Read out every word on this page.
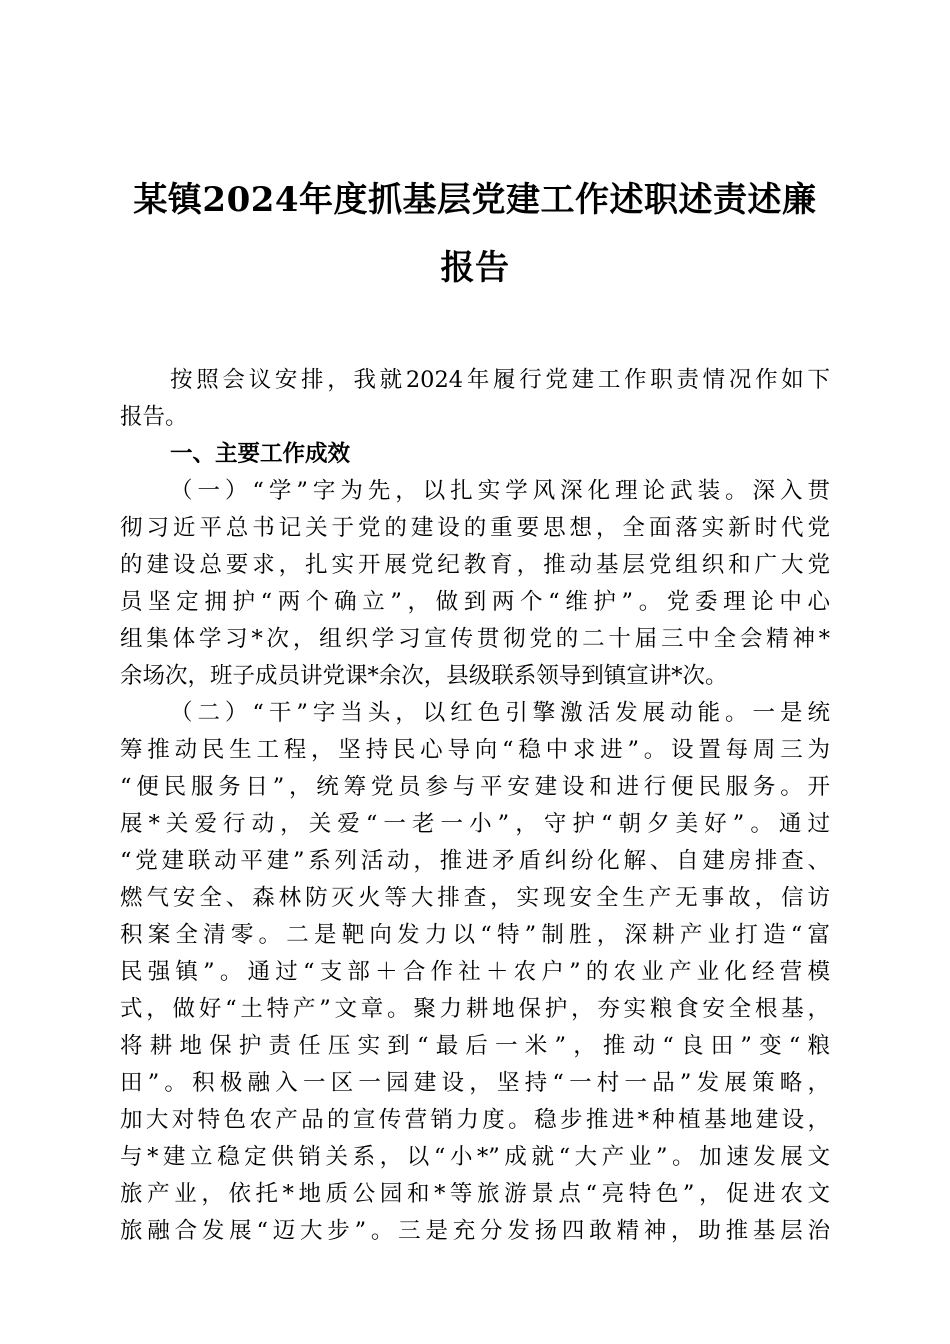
某镇2024年度抓基层党建工作述职述责述廉
报告

按照会议安排，我就2024年履行党建工作职责情况作如下

报告。

一、主要工作成效

（一）“学”字为先，以扎实学风深化理论武装。深入贯

彻习近平总书记关于党的建设的重要思想，全面落实新时代党

的建设总要求，扎实开展党纪教育，推动基层党组织和广大党

员坚定拥护“两个确立”，做到两个“维护”。党委理论中心

组集体学习*次，组织学习宣传贯彻党的二十届三中全会精神*

余场次，班子成员讲党课*余次，县级联系领导到镇宣讲*次。

（二）“干”字当头，以红色引擎激活发展动能。一是统

筹推动民生工程，坚持民心导向“稳中求进”。设置每周三为

“便民服务日”，统筹党员参与平安建设和进行便民服务。开

展*关爱行动，关爱“一老一小”，守护“朝夕美好”。通过

“党建联动平建”系列活动，推进矛盾纠纷化解、自建房排查、

燃气安全、森林防灭火等大排查，实现安全生产无事故，信访

积案全清零。二是靶向发力以“特”制胜，深耕产业打造“富

民强镇”。通过“支部＋合作社＋农户”的农业产业化经营模

式，做好“土特产”文章。聚力耕地保护，夯实粮食安全根基，

将耕地保护责任压实到“最后一米”，推动“良田”变“粮

田”。积极融入一区一园建设，坚持“一村一品”发展策略，

加大对特色农产品的宣传营销力度。稳步推进*种植基地建设，

与*建立稳定供销关系，以“小*”成就“大产业”。加速发展文

旅产业，依托*地质公园和*等旅游景点“亮特色”，促进农文

旅融合发展“迈大步”。三是充分发扬四敢精神，助推基层治
